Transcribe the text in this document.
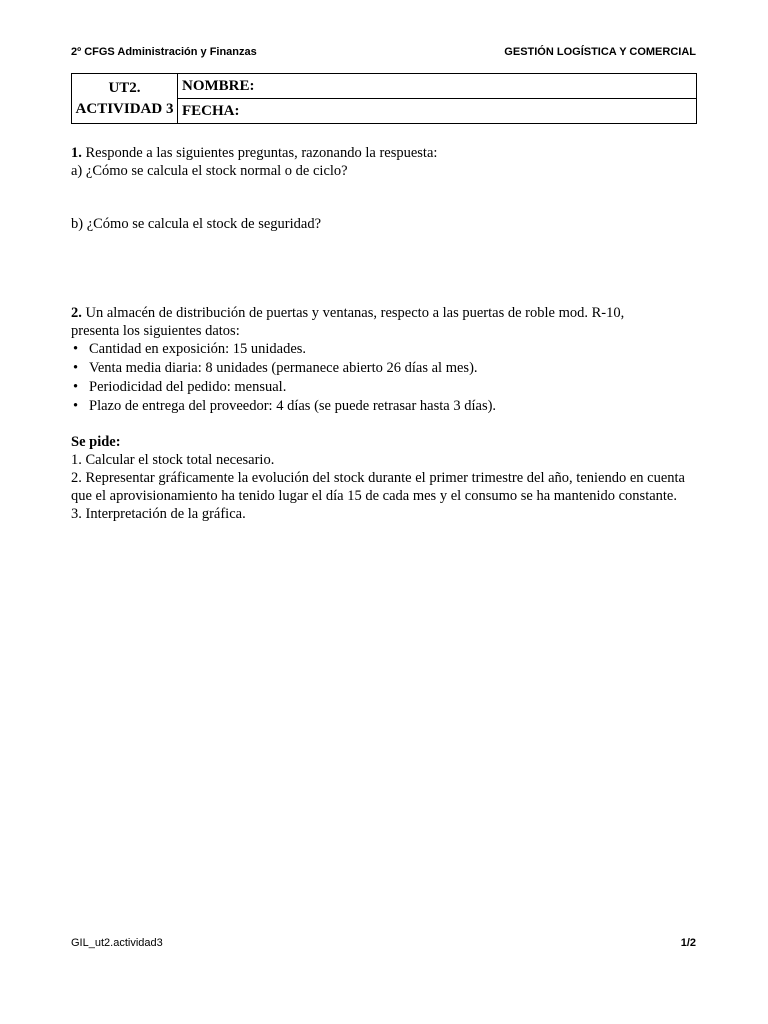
2º CFGS Administración y Finanzas	GESTIÓN LOGÍSTICA Y COMERCIAL
UT2.
ACTIVIDAD 3
	NOMBRE:
FECHA:

1. Responde a las siguientes preguntas, razonando la respuesta:

a) ¿Cómo se calcula el stock normal o de ciclo?

b) ¿Cómo se calcula el stock de seguridad?

2. Un almacén de distribución de puertas y ventanas, respecto a las puertas de roble mod. R-10,

presenta los siguientes datos:

• Cantidad en exposición: 15 unidades.
• Venta media diaria: 8 unidades (permanece abierto 26 días al mes).
• Periodicidad del pedido: mensual.
• Plazo de entrega del proveedor: 4 días (se puede retrasar hasta 3 días).

Se pide:

1. Calcular el stock total necesario.

2. Representar gráficamente la evolución del stock durante el primer trimestre del año, teniendo en cuenta que el aprovisionamiento ha tenido lugar el día 15 de cada mes y el consumo se ha mantenido constante.

3. Interpretación de la gráfica.

GIL_ut2.actividad3	1/2
